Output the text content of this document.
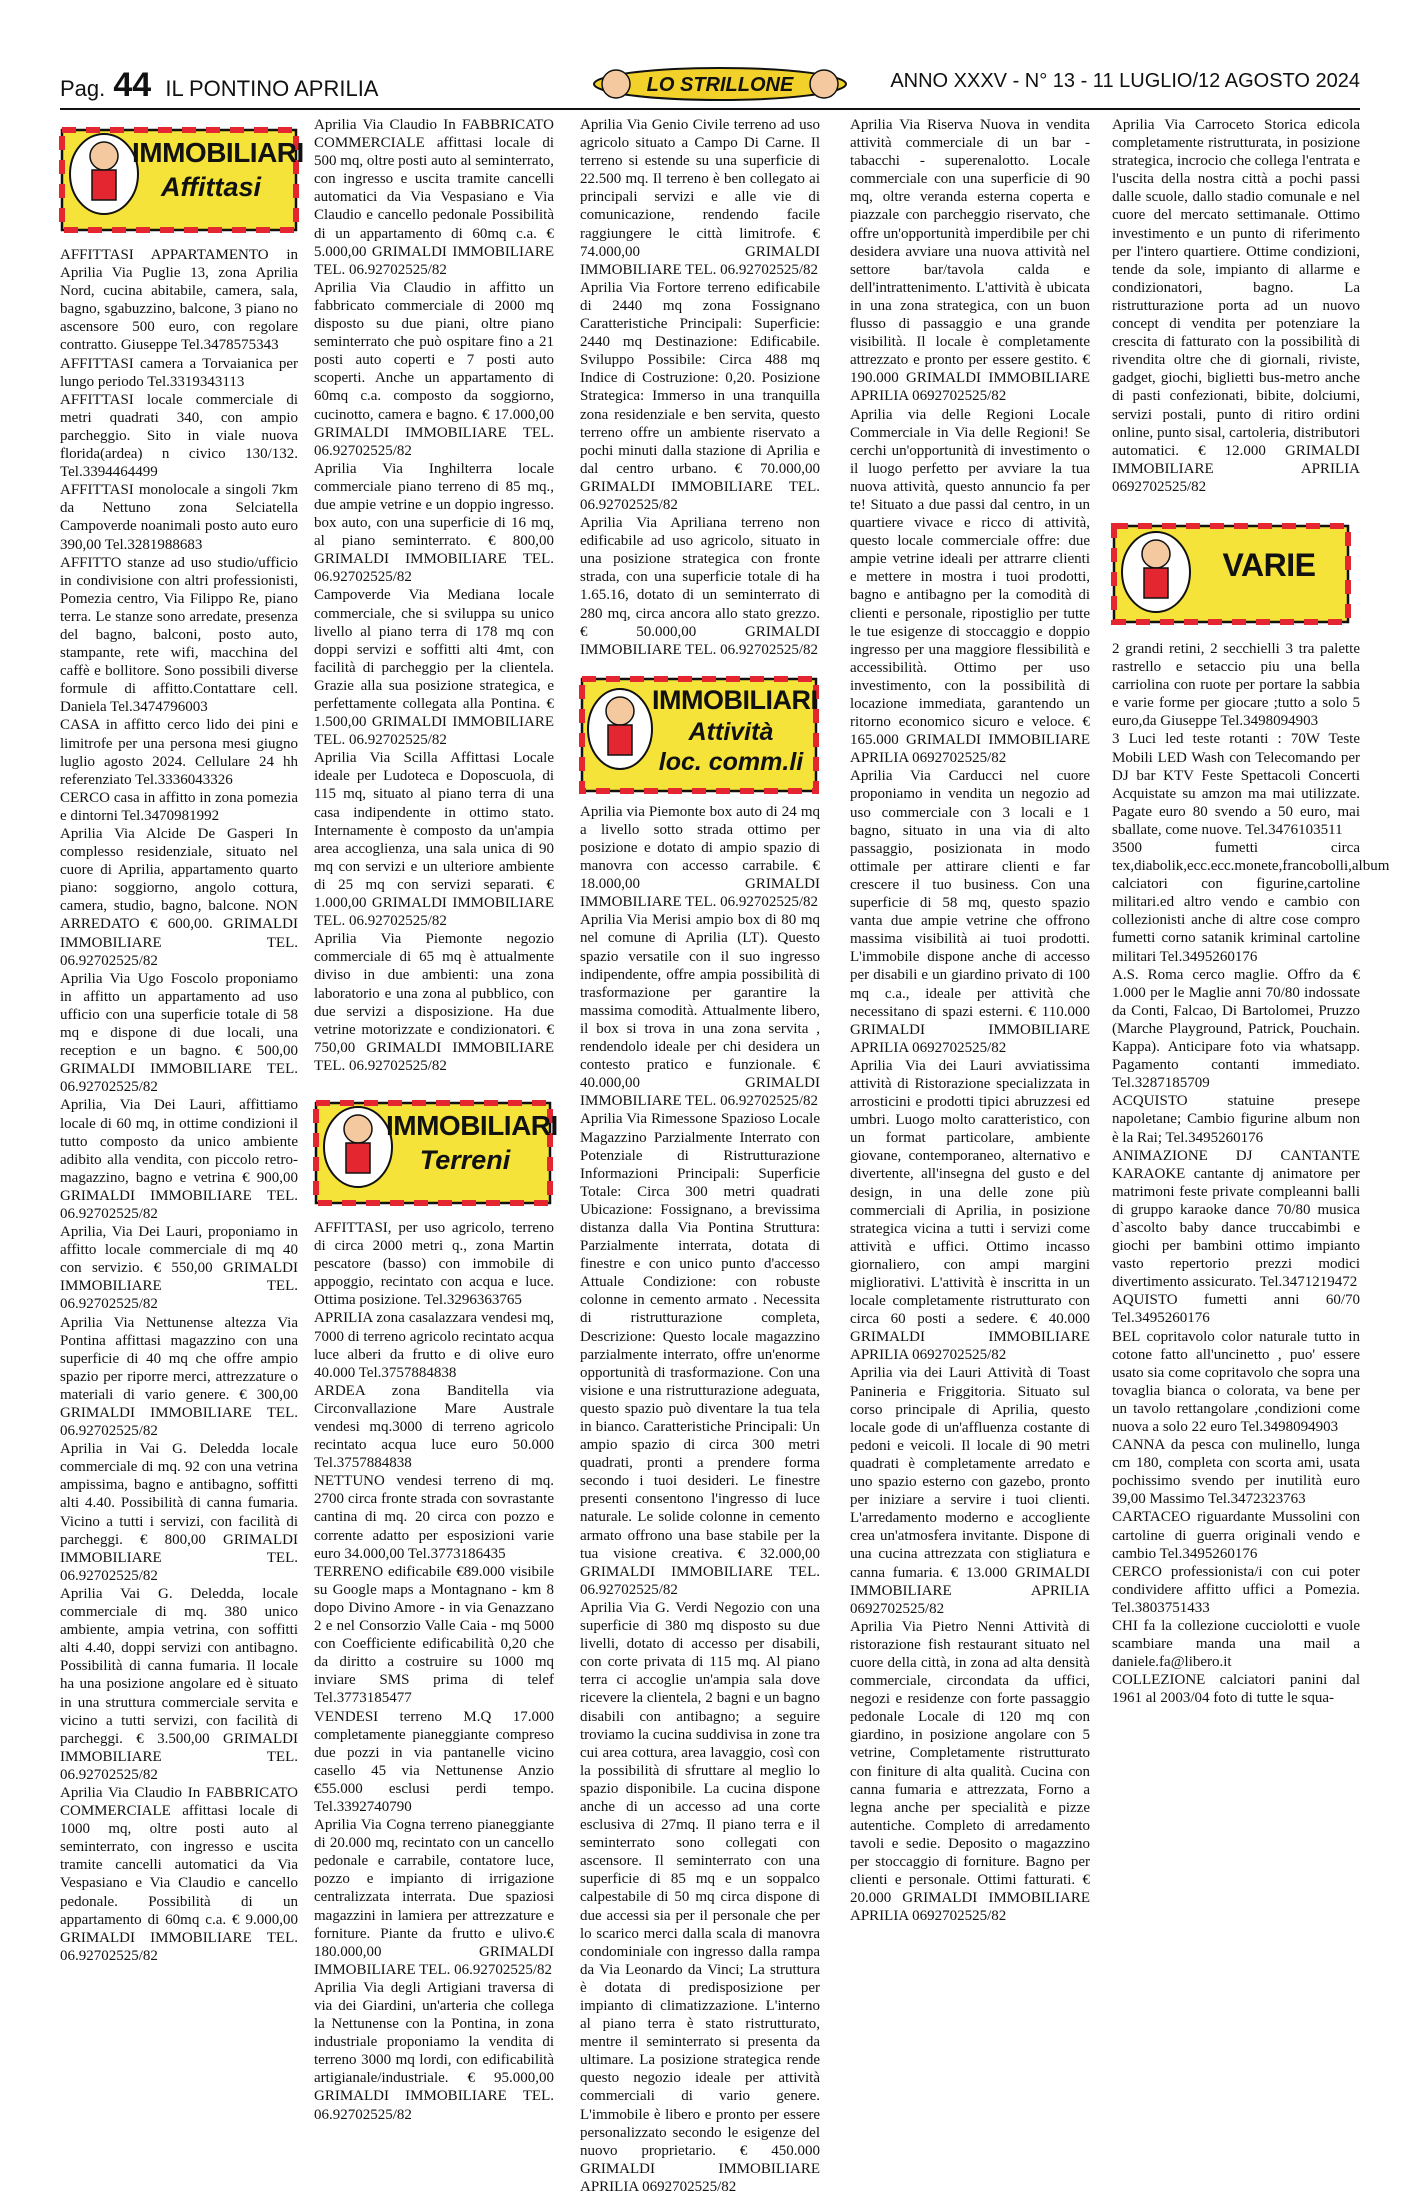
Pag. 44 IL PONTINO APRILIA	LO STRILLONE	ANNO XXXV - N° 13 - 11 LUGLIO/12 AGOSTO 2024
IMMOBILIARI
Affittasi

AFFITTASI APPARTAMENTO in Aprilia Via Puglie 13, zona Aprilia Nord, cucina abitabile, camera, sala, bagno, sgabuzzino, balcone, 3 piano no ascensore 500 euro, con regolare contratto. Giuseppe Tel.3478575343

AFFITTASI camera a Torvaianica per lungo periodo Tel.3319343113

AFFITTASI locale commerciale di metri quadrati 340, con ampio parcheggio. Sito in viale nuova florida(ardea) n civico 130/132. Tel.3394464499

AFFITTASI monolocale a singoli 7km da Nettuno zona Selciatella Campoverde noanimali posto auto euro 390,00 Tel.3281988683

AFFITTO stanze ad uso studio/ufficio in condivisione con altri professionisti, Pomezia centro, Via Filippo Re, piano terra. Le stanze sono arredate, presenza del bagno, balconi, posto auto, stampante, rete wifi, macchina del caffè e bollitore. Sono possibili diverse formule di affitto.Contattare cell. Daniela Tel.3474796003

CASA in affitto cerco lido dei pini e limitrofe per una persona mesi giugno luglio agosto 2024. Cellulare 24 hh referenziato Tel.3336043326

CERCO casa in affitto in zona pomezia e dintorni Tel.3470981992

Aprilia Via Alcide De Gasperi In complesso residenziale, situato nel cuore di Aprilia, appartamento quarto piano: soggiorno, angolo cottura, camera, studio, bagno, balcone. NON ARREDATO € 600,00. GRIMALDI IMMOBILIARE TEL. 06.92702525/82

Aprilia Via Ugo Foscolo proponiamo in affitto un appartamento ad uso ufficio con una superficie totale di 58 mq e dispone di due locali, una reception e un bagno. € 500,00 GRIMALDI IMMOBILIARE TEL. 06.92702525/82

Aprilia, Via Dei Lauri, affittiamo locale di 60 mq, in ottime condizioni il tutto composto da unico ambiente adibito alla vendita, con piccolo retro-magazzino, bagno e vetrina € 900,00 GRIMALDI IMMOBILIARE TEL. 06.92702525/82

Aprilia, Via Dei Lauri, proponiamo in affitto locale commerciale di mq 40 con servizio. € 550,00 GRIMALDI IMMOBILIARE TEL. 06.92702525/82

Aprilia Via Nettunense altezza Via Pontina affittasi magazzino con una superficie di 40 mq che offre ampio spazio per riporre merci, attrezzature o materiali di vario genere. € 300,00 GRIMALDI IMMOBILIARE TEL. 06.92702525/82

Aprilia in Vai G. Deledda locale commerciale di mq. 92 con una vetrina ampissima, bagno e antibagno, soffitti alti 4.40. Possibilità di canna fumaria. Vicino a tutti i servizi, con facilità di parcheggi. € 800,00 GRIMALDI IMMOBILIARE TEL. 06.92702525/82

Aprilia Vai G. Deledda, locale commerciale di mq. 380 unico ambiente, ampia vetrina, con soffitti alti 4.40, doppi servizi con antibagno. Possibilità di canna fumaria. Il locale ha una posizione angolare ed è situato in una struttura commerciale servita e vicino a tutti servizi, con facilità di parcheggi. € 3.500,00 GRIMALDI IMMOBILIARE TEL. 06.92702525/82

Aprilia Via Claudio In FABBRICATO COMMERCIALE affittasi locale di 1000 mq, oltre posti auto al seminterrato, con ingresso e uscita tramite cancelli automatici da Via Vespasiano e Via Claudio e cancello pedonale. Possibilità di un appartamento di 60mq c.a. € 9.000,00 GRIMALDI IMMOBILIARE TEL. 06.92702525/82

Aprilia Via Claudio In FABBRICATO COMMERCIALE affittasi locale di 500 mq, oltre posti auto al seminterrato, con ingresso e uscita tramite cancelli automatici da Via Vespasiano e Via Claudio e cancello pedonale Possibilità di un appartamento di 60mq c.a. € 5.000,00 GRIMALDI IMMOBILIARE TEL. 06.92702525/82

Aprilia Via Claudio in affitto un fabbricato commerciale di 2000 mq disposto su due piani, oltre piano seminterrato che può ospitare fino a 21 posti auto coperti e 7 posti auto scoperti. Anche un appartamento di 60mq c.a. composto da soggiorno, cucinotto, camera e bagno. € 17.000,00 GRIMALDI IMMOBILIARE TEL. 06.92702525/82

Aprilia Via Inghilterra locale commerciale piano terreno di 85 mq., due ampie vetrine e un doppio ingresso. box auto, con una superficie di 16 mq, al piano seminterrato. € 800,00 GRIMALDI IMMOBILIARE TEL. 06.92702525/82

Campoverde Via Mediana locale commerciale, che si sviluppa su unico livello al piano terra di 178 mq con doppi servizi e soffitti alti 4mt, con facilità di parcheggio per la clientela. Grazie alla sua posizione strategica, e perfettamente collegata alla Pontina. € 1.500,00 GRIMALDI IMMOBILIARE TEL. 06.92702525/82

Aprilia Via Scilla Affittasi Locale ideale per Ludoteca e Doposcuola, di 115 mq, situato al piano terra di una casa indipendente in ottimo stato. Internamente è composto da un'ampia area accoglienza, una sala unica di 90 mq con servizi e un ulteriore ambiente di 25 mq con servizi separati. € 1.000,00 GRIMALDI IMMOBILIARE TEL. 06.92702525/82

Aprilia Via Piemonte negozio commerciale di 65 mq è attualmente diviso in due ambienti: una zona laboratorio e una zona al pubblico, con due servizi a disposizione. Ha due vetrine motorizzate e condizionatori. € 750,00 GRIMALDI IMMOBILIARE TEL. 06.92702525/82

IMMOBILIARI
Terreni

AFFITTASI, per uso agricolo, terreno di circa 2000 metri q., zona Martin pescatore (basso) con immobile di appoggio, recintato con acqua e luce. Ottima posizione. Tel.3296363765

APRILIA zona casalazzara vendesi mq, 7000 di terreno agricolo recintato acqua luce alberi da frutto e di olive euro 40.000 Tel.3757884838

ARDEA zona Banditella via Circonvallazione Mare Australe vendesi mq.3000 di terreno agricolo recintato acqua luce euro 50.000 Tel.3757884838

NETTUNO vendesi terreno di mq. 2700 circa fronte strada con sovrastante cantina di mq. 20 circa con pozzo e corrente adatto per esposizioni varie euro 34.000,00 Tel.3773186435

TERRENO edificabile €89.000 visibile su Google maps a Montagnano - km 8 dopo Divino Amore - in via Genazzano 2 e nel Consorzio Valle Caia - mq 5000 con Coefficiente edificabilità 0,20 che da diritto a costruire su 1000 mq inviare SMS prima di telef Tel.3773185477

VENDESI terreno M.Q 17.000 completamente pianeggiante compreso due pozzi in via pantanelle vicino casello 45 via Nettunense Anzio €55.000 esclusi perdi tempo. Tel.3392740790

Aprilia Via Cogna terreno pianeggiante di 20.000 mq, recintato con un cancello pedonale e carrabile, contatore luce, pozzo e impianto di irrigazione centralizzata interrata. Due spaziosi magazzini in lamiera per attrezzature e forniture. Piante da frutto e ulivo.€ 180.000,00 GRIMALDI IMMOBILIARE TEL. 06.92702525/82

Aprilia Via degli Artigiani traversa di via dei Giardini, un'arteria che collega la Nettunense con la Pontina, in zona industriale proponiamo la vendita di terreno 3000 mq lordi, con edificabilità artigianale/industriale. € 95.000,00 GRIMALDI IMMOBILIARE TEL. 06.92702525/82

Aprilia Via Genio Civile terreno ad uso agricolo situato a Campo Di Carne. Il terreno si estende su una superficie di 22.500 mq. Il terreno è ben collegato ai principali servizi e alle vie di comunicazione, rendendo facile raggiungere le città limitrofe. € 74.000,00 GRIMALDI IMMOBILIARE TEL. 06.92702525/82

Aprilia Via Fortore terreno edificabile di 2440 mq zona Fossignano Caratteristiche Principali: Superficie: 2440 mq Destinazione: Edificabile. Sviluppo Possibile: Circa 488 mq Indice di Costruzione: 0,20. Posizione Strategica: Immerso in una tranquilla zona residenziale e ben servita, questo terreno offre un ambiente riservato a pochi minuti dalla stazione di Aprilia e dal centro urbano. € 70.000,00 GRIMALDI IMMOBILIARE TEL. 06.92702525/82

Aprilia Via Apriliana terreno non edificabile ad uso agricolo, situato in una posizione strategica con fronte strada, con una superficie totale di ha 1.65.16, dotato di un seminterrato di 280 mq, circa ancora allo stato grezzo. € 50.000,00 GRIMALDI IMMOBILIARE TEL. 06.92702525/82

IMMOBILIARI
Attività
loc. comm.li

Aprilia via Piemonte box auto di 24 mq a livello sotto strada ottimo per posizione e dotato di ampio spazio di manovra con accesso carrabile. € 18.000,00 GRIMALDI IMMOBILIARE TEL. 06.92702525/82

Aprilia Via Merisi ampio box di 80 mq nel comune di Aprilia (LT). Questo spazio versatile con il suo ingresso indipendente, offre ampia possibilità di trasformazione per garantire la massima comodità. Attualmente libero, il box si trova in una zona servita , rendendolo ideale per chi desidera un contesto pratico e funzionale. € 40.000,00 GRIMALDI IMMOBILIARE TEL. 06.92702525/82

Aprilia Via Rimessone Spazioso Locale Magazzino Parzialmente Interrato con Potenziale di Ristrutturazione Informazioni Principali: Superficie Totale: Circa 300 metri quadrati Ubicazione: Fossignano, a brevissima distanza dalla Via Pontina Struttura: Parzialmente interrata, dotata di finestre e con unico punto d'accesso Attuale Condizione: con robuste colonne in cemento armato . Necessita di ristrutturazione completa, Descrizione: Questo locale magazzino parzialmente interrato, offre un'enorme opportunità di trasformazione. Con una visione e una ristrutturazione adeguata, questo spazio può diventare la tua tela in bianco. Caratteristiche Principali: Un ampio spazio di circa 300 metri quadrati, pronti a prendere forma secondo i tuoi desideri. Le finestre presenti consentono l'ingresso di luce naturale. Le solide colonne in cemento armato offrono una base stabile per la tua visione creativa. € 32.000,00 GRIMALDI IMMOBILIARE TEL. 06.92702525/82

Aprilia Via G. Verdi Negozio con una superficie di 380 mq disposto su due livelli, dotato di accesso per disabili, con corte privata di 115 mq. Al piano terra ci accoglie un'ampia sala dove ricevere la clientela, 2 bagni e un bagno disabili con antibagno; a seguire troviamo la cucina suddivisa in zone tra cui area cottura, area lavaggio, così con la possibilità di sfruttare al meglio lo spazio disponibile. La cucina dispone anche di un accesso ad una corte esclusiva di 27mq. Il piano terra e il seminterrato sono collegati con ascensore. Il seminterrato con una superficie di 85 mq e un soppalco calpestabile di 50 mq circa dispone di due accessi sia per il personale che per lo scarico merci dalla scala di manovra condominiale con ingresso dalla rampa da Via Leonardo da Vinci; La struttura è dotata di predisposizione per impianto di climatizzazione. L'interno al piano terra è stato ristrutturato, mentre il seminterrato si presenta da ultimare. La posizione strategica rende questo negozio ideale per attività commerciali di vario genere. L'immobile è libero e pronto per essere personalizzato secondo le esigenze del nuovo proprietario. € 450.000 GRIMALDI IMMOBILIARE APRILIA 0692702525/82

Aprilia Via Riserva Nuova in vendita attività commerciale di un bar - tabacchi - superenalotto. Locale commerciale con una superficie di 90 mq, oltre veranda esterna coperta e piazzale con parcheggio riservato, che offre un'opportunità imperdibile per chi desidera avviare una nuova attività nel settore bar/tavola calda e dell'intrattenimento. L'attività è ubicata in una zona strategica, con un buon flusso di passaggio e una grande visibilità. Il locale è completamente attrezzato e pronto per essere gestito. € 190.000 GRIMALDI IMMOBILIARE APRILIA 0692702525/82

Aprilia via delle Regioni Locale Commerciale in Via delle Regioni! Se cerchi un'opportunità di investimento o il luogo perfetto per avviare la tua nuova attività, questo annuncio fa per te! Situato a due passi dal centro, in un quartiere vivace e ricco di attività, questo locale commerciale offre: due ampie vetrine ideali per attrarre clienti e mettere in mostra i tuoi prodotti, bagno e antibagno per la comodità di clienti e personale, ripostiglio per tutte le tue esigenze di stoccaggio e doppio ingresso per una maggiore flessibilità e accessibilità. Ottimo per uso investimento, con la possibilità di locazione immediata, garantendo un ritorno economico sicuro e veloce. € 165.000 GRIMALDI IMMOBILIARE APRILIA 0692702525/82

Aprilia Via Carducci nel cuore proponiamo in vendita un negozio ad uso commerciale con 3 locali e 1 bagno, situato in una via di alto passaggio, posizionata in modo ottimale per attirare clienti e far crescere il tuo business. Con una superficie di 58 mq, questo spazio vanta due ampie vetrine che offrono massima visibilità ai tuoi prodotti. L'immobile dispone anche di accesso per disabili e un giardino privato di 100 mq c.a., ideale per attività che necessitano di spazi esterni. € 110.000 GRIMALDI IMMOBILIARE APRILIA 0692702525/82

Aprilia Via dei Lauri avviatissima attività di Ristorazione specializzata in arrosticini e prodotti tipici abruzzesi ed umbri. Luogo molto caratteristico, con un format particolare, ambiente giovane, contemporaneo, alternativo e divertente, all'insegna del gusto e del design, in una delle zone più commerciali di Aprilia, in posizione strategica vicina a tutti i servizi come attività e uffici. Ottimo incasso giornaliero, con ampi margini migliorativi. L'attività è inscritta in un locale completamente ristrutturato con circa 60 posti a sedere. € 40.000 GRIMALDI IMMOBILIARE APRILIA 0692702525/82

Aprilia via dei Lauri Attività di Toast Panineria e Friggitoria. Situato sul corso principale di Aprilia, questo locale gode di un'affluenza costante di pedoni e veicoli. Il locale di 90 metri quadrati è completamente arredato e uno spazio esterno con gazebo, pronto per iniziare a servire i tuoi clienti. L'arredamento moderno e accogliente crea un'atmosfera invitante. Dispone di una cucina attrezzata con stigliatura e canna fumaria. € 13.000 GRIMALDI IMMOBILIARE APRILIA 0692702525/82

Aprilia Via Pietro Nenni Attività di ristorazione fish restaurant situato nel cuore della città, in zona ad alta densità commerciale, circondata da uffici, negozi e residenze con forte passaggio pedonale Locale di 120 mq con giardino, in posizione angolare con 5 vetrine, Completamente ristrutturato con finiture di alta qualità. Cucina con canna fumaria e attrezzata, Forno a legna anche per specialità e pizze autentiche. Completo di arredamento tavoli e sedie. Deposito o magazzino per stoccaggio di forniture. Bagno per clienti e personale. Ottimi fatturati. € 20.000 GRIMALDI IMMOBILIARE APRILIA 0692702525/82

Aprilia Via Carroceto Storica edicola completamente ristrutturata, in posizione strategica, incrocio che collega l'entrata e l'uscita della nostra città a pochi passi dalle scuole, dallo stadio comunale e nel cuore del mercato settimanale. Ottimo investimento e un punto di riferimento per l'intero quartiere. Ottime condizioni, tende da sole, impianto di allarme e condizionatori, bagno. La ristrutturazione porta ad un nuovo concept di vendita per potenziare la crescita di fatturato con la possibilità di rivendita oltre che di giornali, riviste, gadget, giochi, biglietti bus-metro anche di pasti confezionati, bibite, dolciumi, servizi postali, punto di ritiro ordini online, punto sisal, cartoleria, distributori automatici. € 12.000 GRIMALDI IMMOBILIARE APRILIA 0692702525/82

VARIE

2 grandi retini, 2 secchielli 3 tra palette rastrello e setaccio piu una bella carriolina con ruote per portare la sabbia e varie forme per giocare ;tutto a solo 5 euro,da Giuseppe Tel.3498094903

3 Luci led teste rotanti : 70W Teste Mobili LED Wash con Telecomando per DJ bar KTV Feste Spettacoli Concerti Acquistate su amzon ma mai utilizzate. Pagate euro 80 svendo a 50 euro, mai sballate, come nuove. Tel.3476103511

3500 fumetti circa tex,diabolik,ecc.ecc.monete,francobolli,album calciatori con figurine,cartoline militari.ed altro vendo e cambio con collezionisti anche di altre cose compro fumetti corno satanik kriminal cartoline militari Tel.3495260176

A.S. Roma cerco maglie. Offro da € 1.000 per le Maglie anni 70/80 indossate da Conti, Falcao, Di Bartolomei, Pruzzo (Marche Playground, Patrick, Pouchain. Kappa). Anticipare foto via whatsapp. Pagamento contanti immediato. Tel.3287185709

ACQUISTO statuine presepe napoletane; Cambio figurine album non è la Rai; Tel.3495260176

ANIMAZIONE DJ CANTANTE KARAOKE cantante dj animatore per matrimoni feste private compleanni balli di gruppo karaoke dance 70/80 musica d`ascolto baby dance truccabimbi e giochi per bambini ottimo impianto vasto repertorio prezzi modici divertimento assicurato. Tel.3471219472

AQUISTO fumetti anni 60/70 Tel.3495260176

BEL copritavolo color naturale tutto in cotone fatto all'uncinetto , puo' essere usato sia come copritavolo che sopra una tovaglia bianca o colorata, va bene per un tavolo rettangolare ,condizioni come nuova a solo 22 euro Tel.3498094903

CANNA da pesca con mulinello, lunga cm 180, completa con scorta ami, usata pochissimo svendo per inutilità euro 39,00 Massimo Tel.3472323763

CARTACEO riguardante Mussolini con cartoline di guerra originali vendo e cambio Tel.3495260176

CERCO professionista/i con cui poter condividere affitto uffici a Pomezia. Tel.3803751433

CHI fa la collezione cucciolotti e vuole scambiare manda una mail a daniele.fa@libero.it

COLLEZIONE calciatori panini dal 1961 al 2003/04 foto di tutte le squa-
